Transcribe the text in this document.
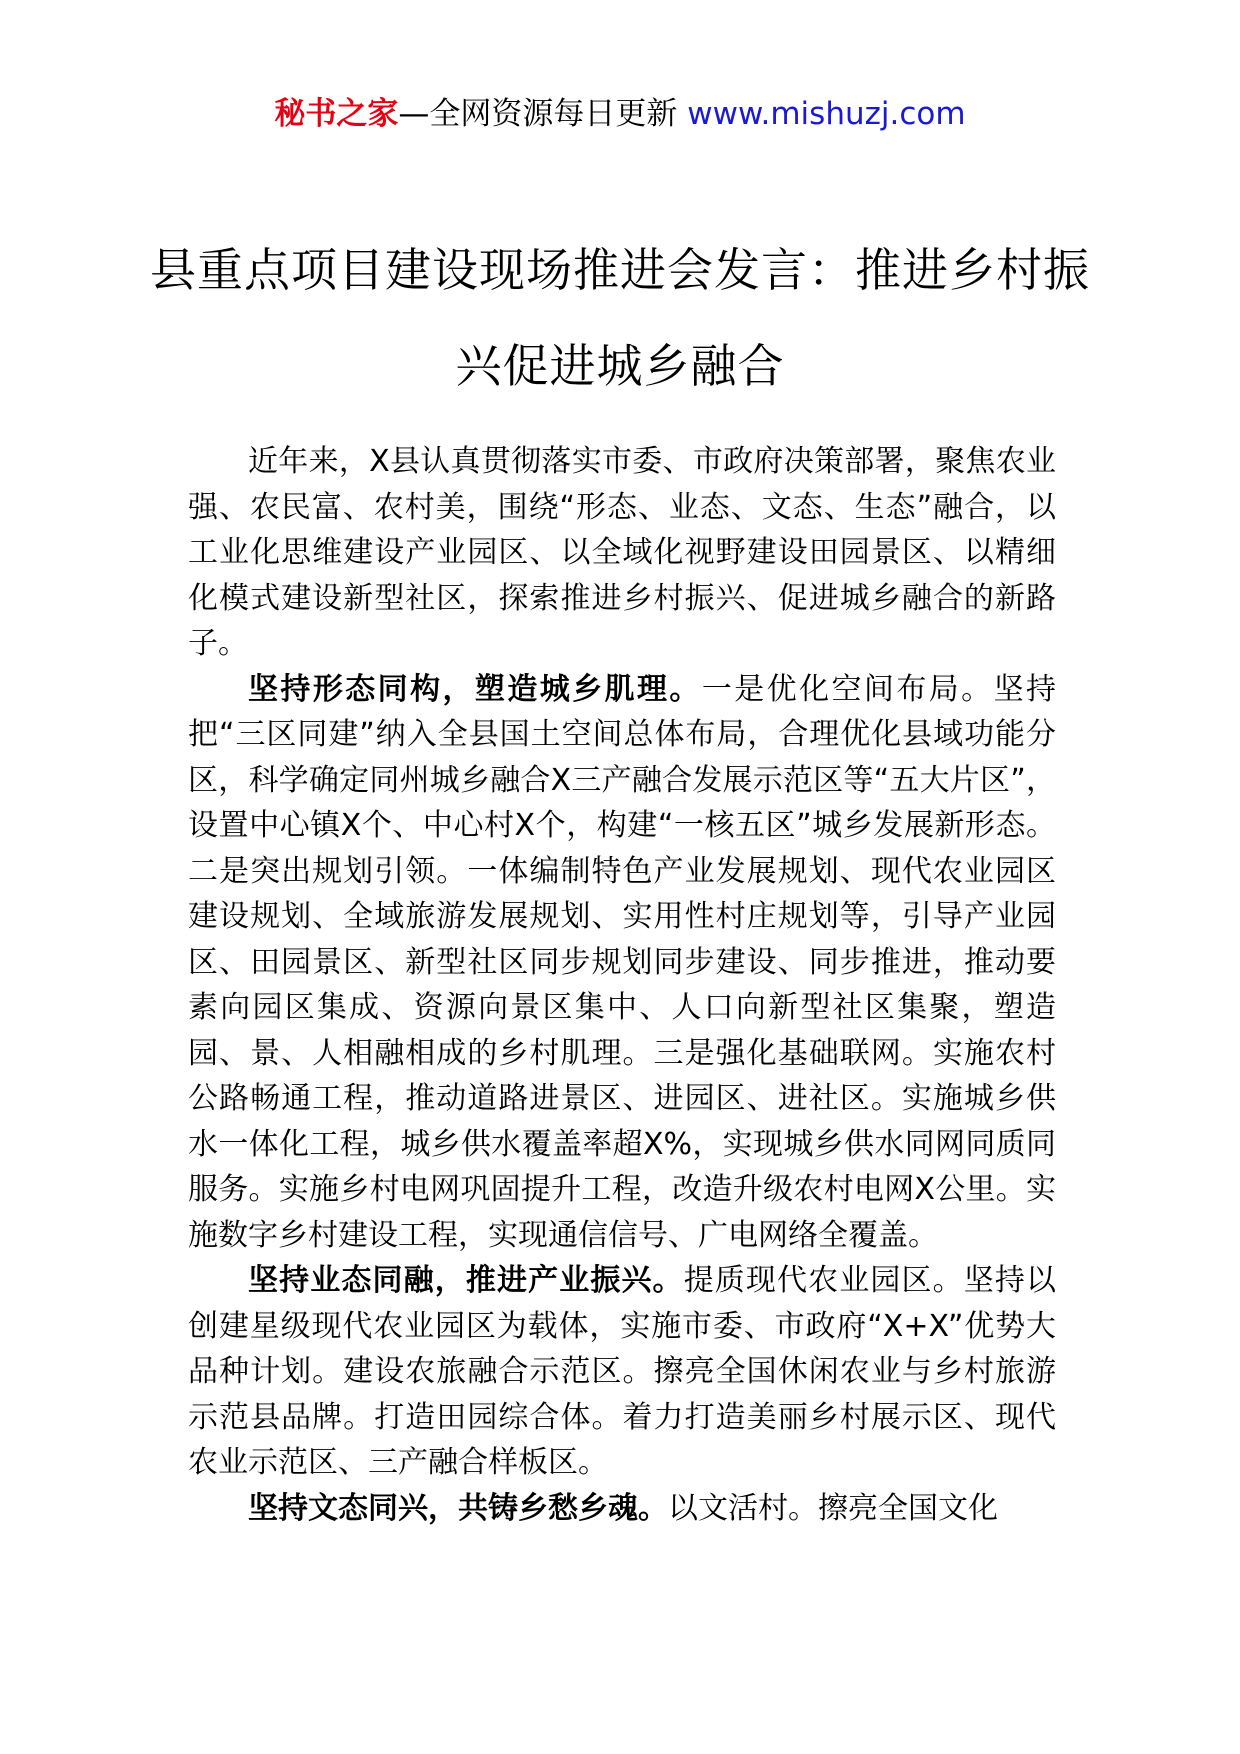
秘书之家—全网资源每日更新 www.mishuzj.com
县重点项目建设现场推进会发言：推进乡村振兴促进城乡融合

近年来，X县认真贯彻落实市委、市政府决策部署，聚焦农业强、农民富、农村美，围绕“形态、业态、文态、生态”融合，以工业化思维建设产业园区、以全域化视野建设田园景区、以精细化模式建设新型社区，探索推进乡村振兴、促进城乡融合的新路子。

坚持形态同构，塑造城乡肌理。一是优化空间布局。坚持把“三区同建”纳入全县国土空间总体布局，合理优化县域功能分区，科学确定同州城乡融合X三产融合发展示范区等“五大片区”，设置中心镇X个、中心村X个，构建“一核五区”城乡发展新形态。二是突出规划引领。一体编制特色产业发展规划、现代农业园区建设规划、全域旅游发展规划、实用性村庄规划等，引导产业园区、田园景区、新型社区同步规划同步建设、同步推进，推动要素向园区集成、资源向景区集中、人口向新型社区集聚，塑造园、景、人相融相成的乡村肌理。三是强化基础联网。实施农村公路畅通工程，推动道路进景区、进园区、进社区。实施城乡供水一体化工程，城乡供水覆盖率超X%，实现城乡供水同网同质同服务。实施乡村电网巩固提升工程，改造升级农村电网X公里。实施数字乡村建设工程，实现通信信号、广电网络全覆盖。

坚持业态同融，推进产业振兴。提质现代农业园区。坚持以创建星级现代农业园区为载体，实施市委、市政府“X+X”优势大品种计划。建设农旅融合示范区。擦亮全国休闲农业与乡村旅游示范县品牌。打造田园综合体。着力打造美丽乡村展示区、现代农业示范区、三产融合样板区。

坚持文态同兴，共铸乡愁乡魂。以文活村。擦亮全国文化
